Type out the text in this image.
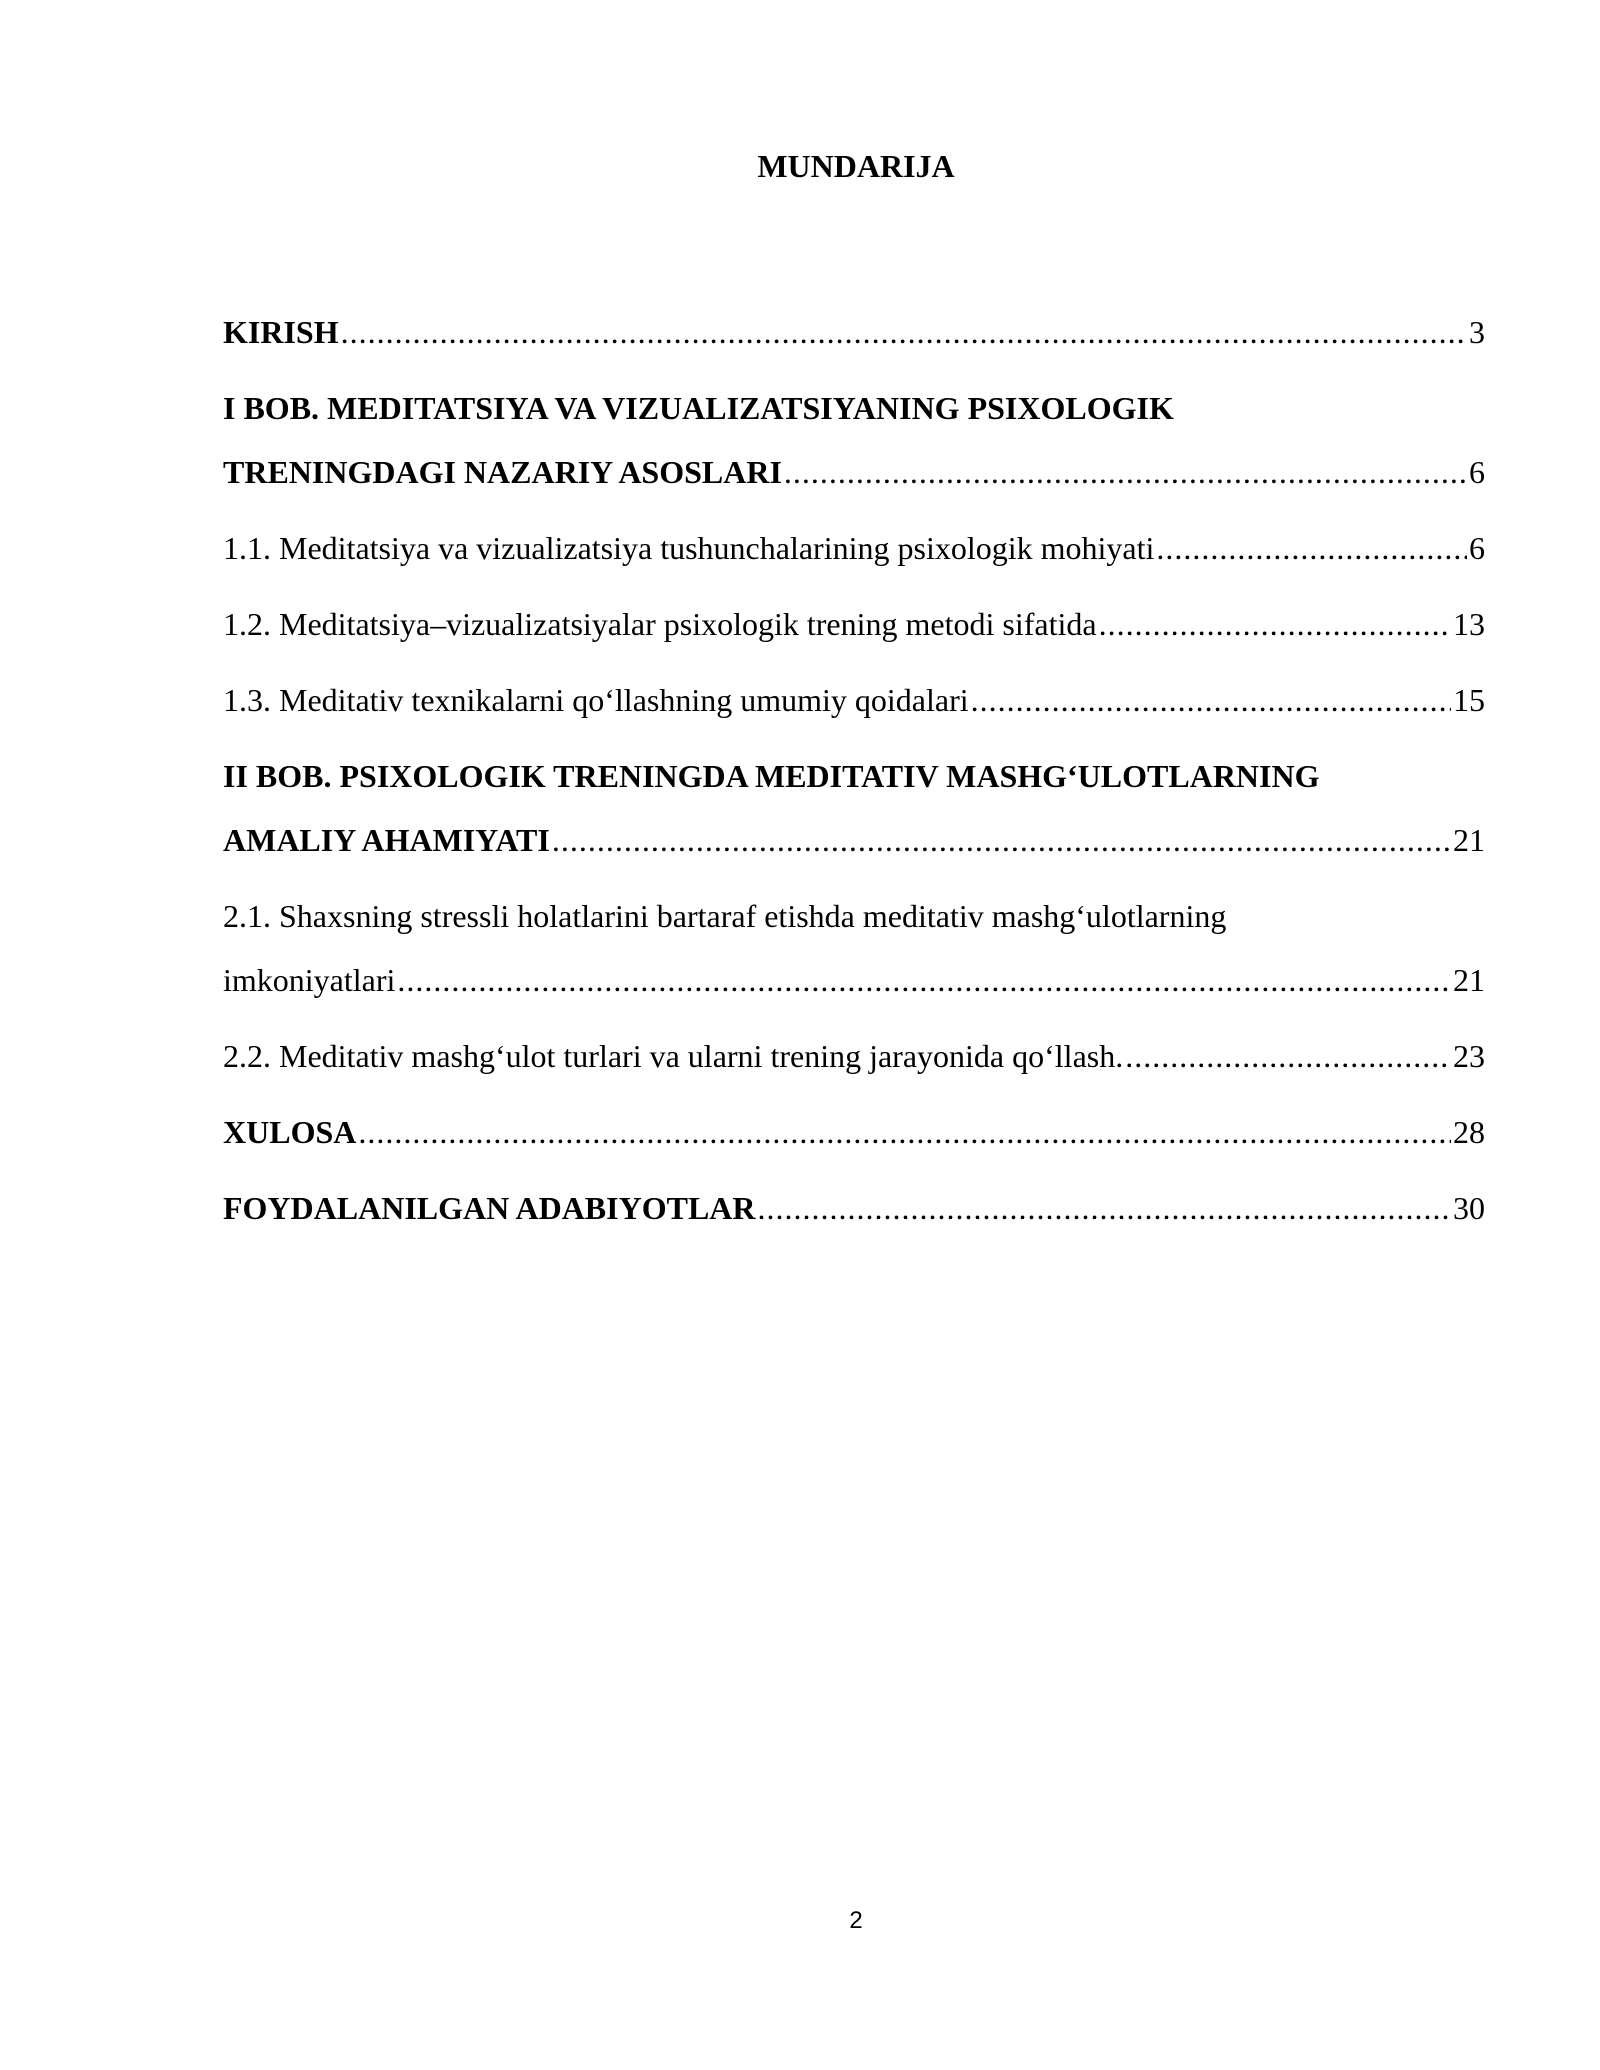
MUNDARIJA
KIRISH .....	3
I BOB. MEDITATSIYA VA VIZUALIZATSIYANING PSIXOLOGIK
TRENINGDAGI NAZARIY ASOSLARI .....	6
1.1. Meditatsiya va vizualizatsiya tushunchalarining psixologik mohiyati .....	6
1.2. Meditatsiya–vizualizatsiyalar psixologik trening metodi sifatida .....	13
1.3. Meditativ texnikalarni qo‘llashning umumiy qoidalari .....	15
II BOB. PSIXOLOGIK TRENINGDA MEDITATIV MASHG‘ULOTLARNING
AMALIY AHAMIYATI .....	21
2.1. Shaxsning stressli holatlarini bartaraf etishda meditativ mashg‘ulotlarning
imkoniyatlari .....	21
2.2. Meditativ mashg‘ulot turlari va ularni trening jarayonida qo‘llash. .....	23
XULOSA .....	28
FOYDALANILGAN ADABIYOTLAR .....	30
2
